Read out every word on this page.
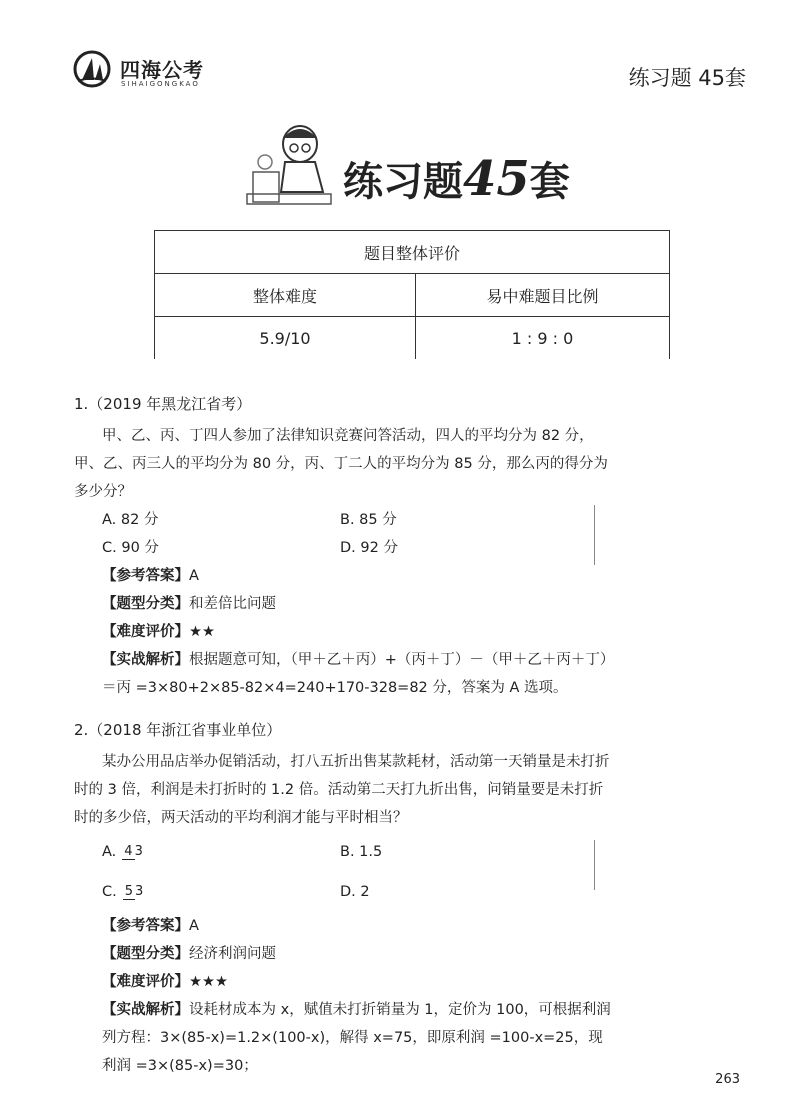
四海公考
SIHAIGONGKAO	练习题 45套
练习题45套
题目整体评价	
整体难度	易中难题目比例
5.9/10	1 : 9 : 0
1.（2019 年黑龙江省考）

甲、乙、丙、丁四人参加了法律知识竞赛问答活动，四人的平均分为 82 分，甲、乙、丙三人的平均分为 80 分，丙、丁二人的平均分为 85 分，那么丙的得分为多少分？

A. 82 分	B. 85 分
C. 90 分	D. 92 分
【参考答案】A
【题型分类】和差倍比问题
【难度评价】★★
【实战解析】根据题意可知，（甲＋乙＋丙）+（丙＋丁）－（甲＋乙＋丙＋丁）＝丙 =3×80+2×85-82×4=240+170-328=82 分，答案为 A 选项。
2.（2018 年浙江省事业单位）

某办公用品店举办促销活动，打八五折出售某款耗材，活动第一天销量是未打折时的 3 倍，利润是未打折时的 1.2 倍。活动第二天打九折出售，问销量要是未打折时的多少倍，两天活动的平均利润才能与平时相当？

A. 4 3	B. 1.5
C. 5 3	D. 2
【参考答案】A
【题型分类】经济利润问题
【难度评价】★★★
【实战解析】设耗材成本为 x，赋值未打折销量为 1，定价为 100，可根据利润列方程：3×(85-x)=1.2×(100-x)，解得 x=75，即原利润 =100-x=25，现利润 =3×(85-x)=30；
263
